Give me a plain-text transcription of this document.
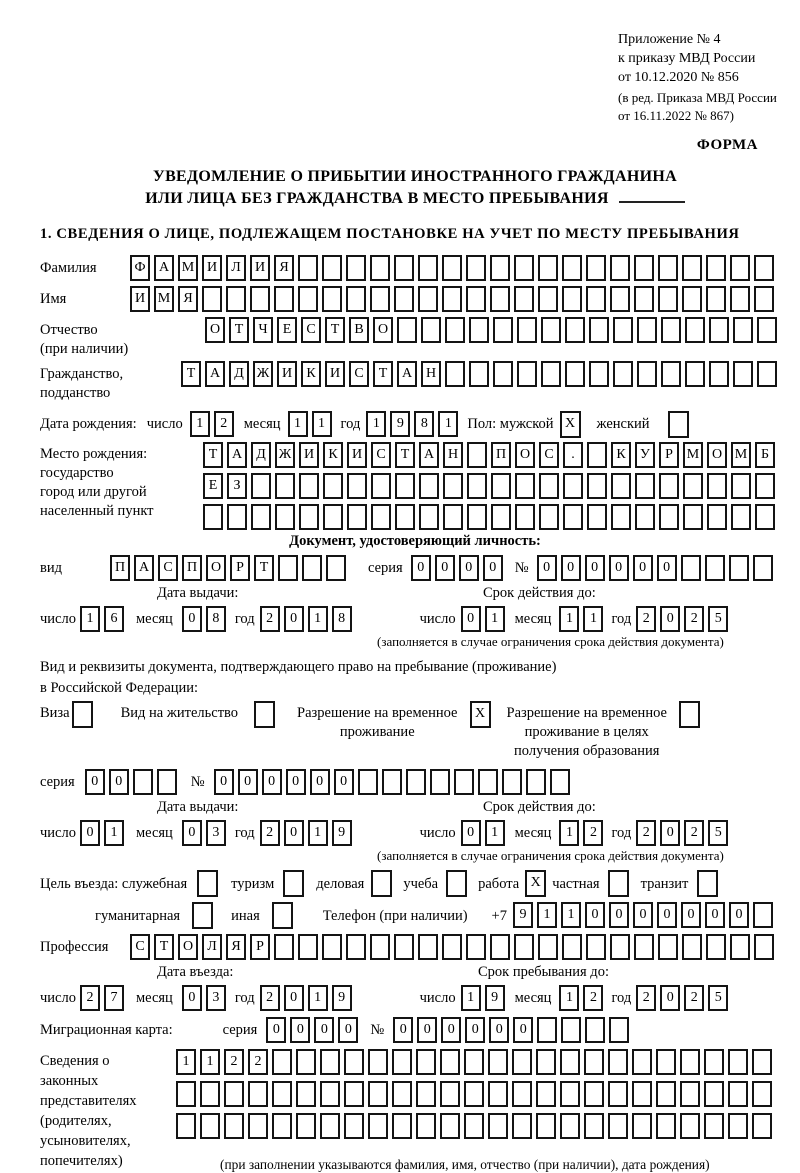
Приложение № 4
к приказу МВД России
от 10.12.2020 № 856
(в ред. Приказа МВД России
от 16.11.2022 № 867)
ФОРМА
УВЕДОМЛЕНИЕ О ПРИБЫТИИ ИНОСТРАННОГО ГРАЖДАНИНА
ИЛИ ЛИЦА БЕЗ ГРАЖДАНСТВА В МЕСТО ПРЕБЫВАНИЯ
1. СВЕДЕНИЯ О ЛИЦЕ, ПОДЛЕЖАЩЕМ ПОСТАНОВКЕ НА УЧЕТ ПО МЕСТУ ПРЕБЫВАНИЯ
Фамилия	Ф А М И	Л	И	Я
Имя	И М Я
Отчество
(при наличии)
О	Т	Ч	Е	С	Т	В	О
Гражданство,
подданство
Т	А	Д Ж И	К	И	С	Т	А Н
Дата рождения: число 1	2	месяц 1	1	год 1	9	8	1	Пол: мужской X	женский
Место рождения:
государство
город или другой
населенный пункт
Т	А	Д Ж И	К	И	С	Т	А Н	П О	С	.	К	У	Р М О М Б
Е	З
Документ, удостоверяющий личность:
вид	П А	С	П О	Р	Т	серия	0	0	0	0	№	0	0	0	0	0	0
Дата выдачи:	Срок действия до:
число 1	6	месяц	0	8	год 2	0	1	8	число 0	1	месяц	1	1	год 2	0	2	5
(заполняется в случае ограничения срока действия документа)
Вид и реквизиты документа, подтверждающего право на пребывание (проживание)
в Российской Федерации:
Виза	Вид на жительство	Разрешение на временное
проживание
X	Разрешение на временное
проживание в целях
получения образования
серия	0	0	№	0	0	0	0	0	0
Дата выдачи:	Срок действия до:
число 0	1	месяц	0	3	год 2	0	1	9	число 0	1	месяц	1	2	год 2	0	2	5
(заполняется в случае ограничения срока действия документа)
Цель въезда: служебная	туризм	деловая	учеба	работа X частная	транзит
гуманитарная	иная	Телефон (при наличии) +7 9	1	1	0	0	0	0	0	0	0
Профессия	С	Т	О	Л	Я	Р
Дата въезда:	Срок пребывания до:
число 2	7	месяц	0	3	год 2	0	1	9	число 1	9	месяц	1	2	год 2	0	2	5
Миграционная карта:	серия	0	0	0	0	№	0	0	0	0	0	0
Сведения о
законных
представителях
(родителях,
усыновителях,
попечителях)
1	1	2	2
(при заполнении указываются фамилия, имя, отчество (при наличии), дата рождения)
